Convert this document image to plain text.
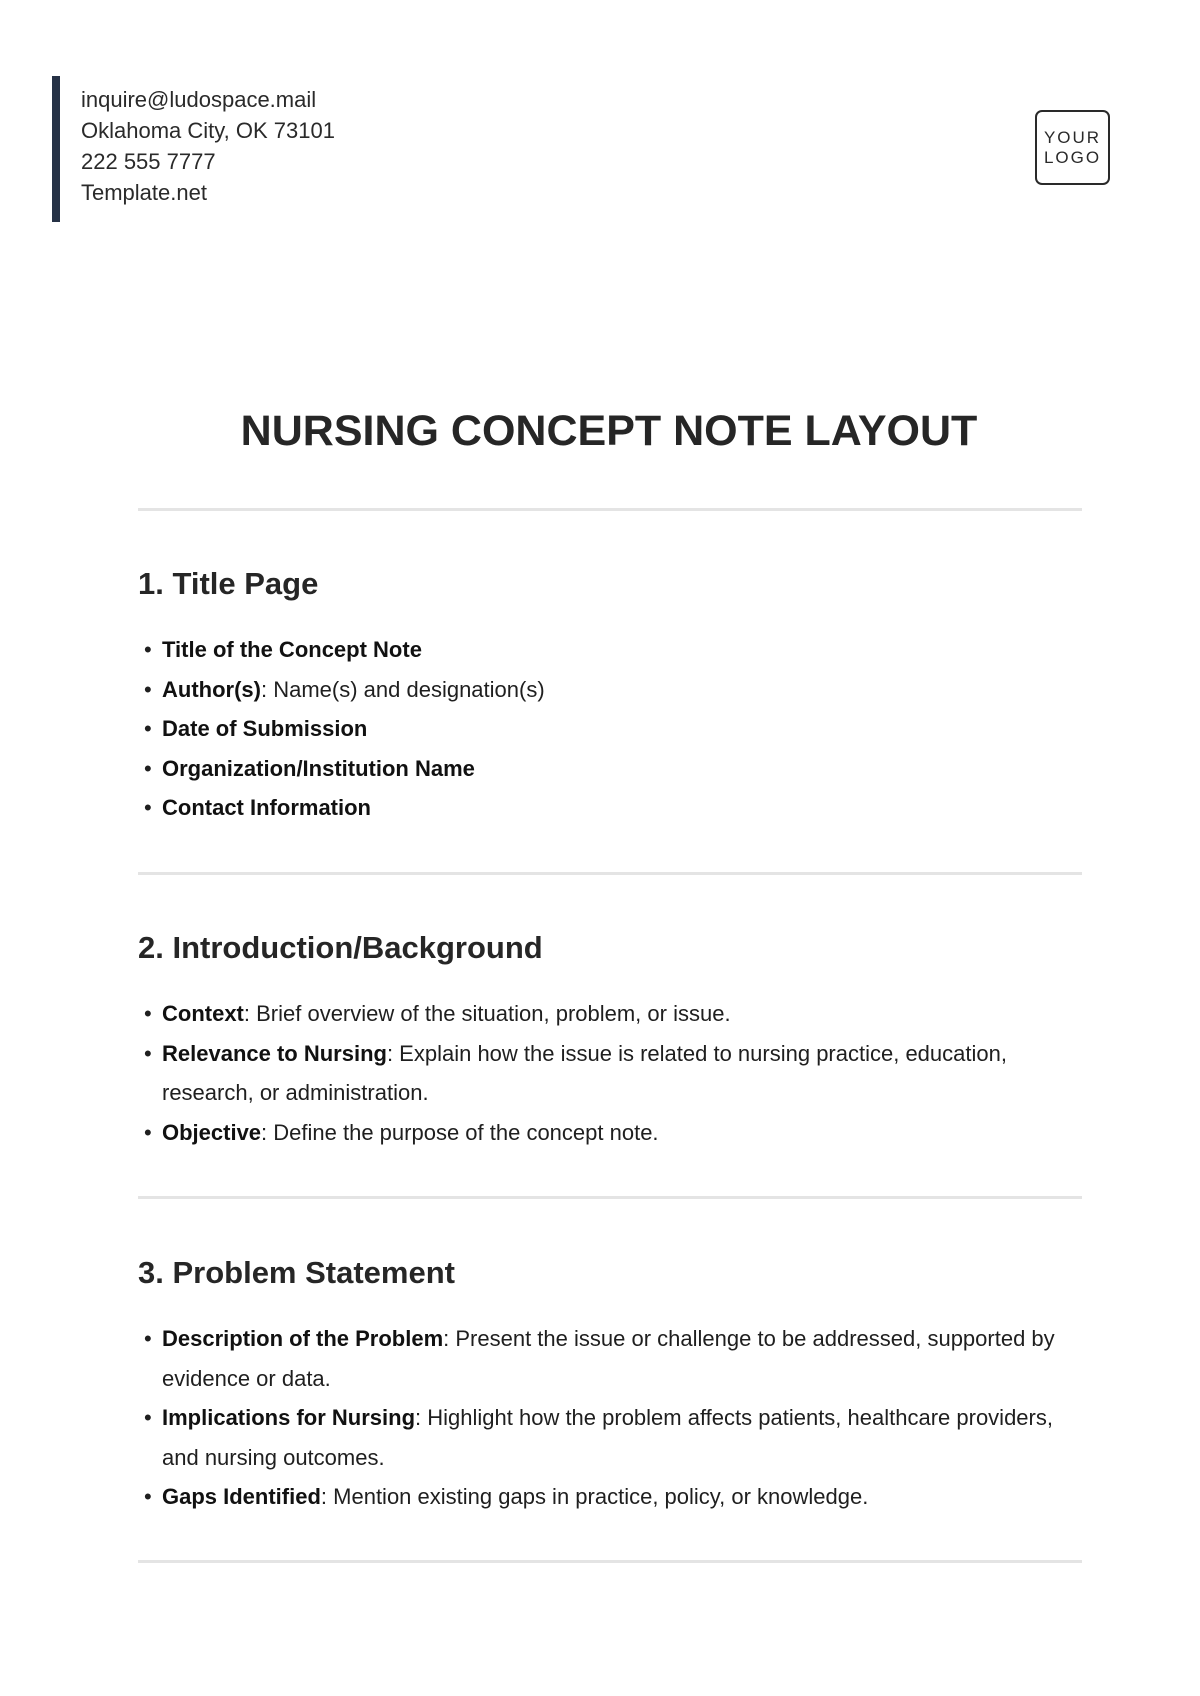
inquire@ludospace.mail
Oklahoma City, OK 73101
222 555 7777
Template.net
YOUR
LOGO
NURSING CONCEPT NOTE LAYOUT
1. Title Page
• Title of the Concept Note
• Author(s): Name(s) and designation(s)
• Date of Submission
• Organization/Institution Name
• Contact Information
2. Introduction/Background
• Context: Brief overview of the situation, problem, or issue.
• Relevance to Nursing: Explain how the issue is related to nursing practice, education, research, or administration.
• Objective: Define the purpose of the concept note.
3. Problem Statement
• Description of the Problem: Present the issue or challenge to be addressed, supported by evidence or data.
• Implications for Nursing: Highlight how the problem affects patients, healthcare providers, and nursing outcomes.
• Gaps Identified: Mention existing gaps in practice, policy, or knowledge.
